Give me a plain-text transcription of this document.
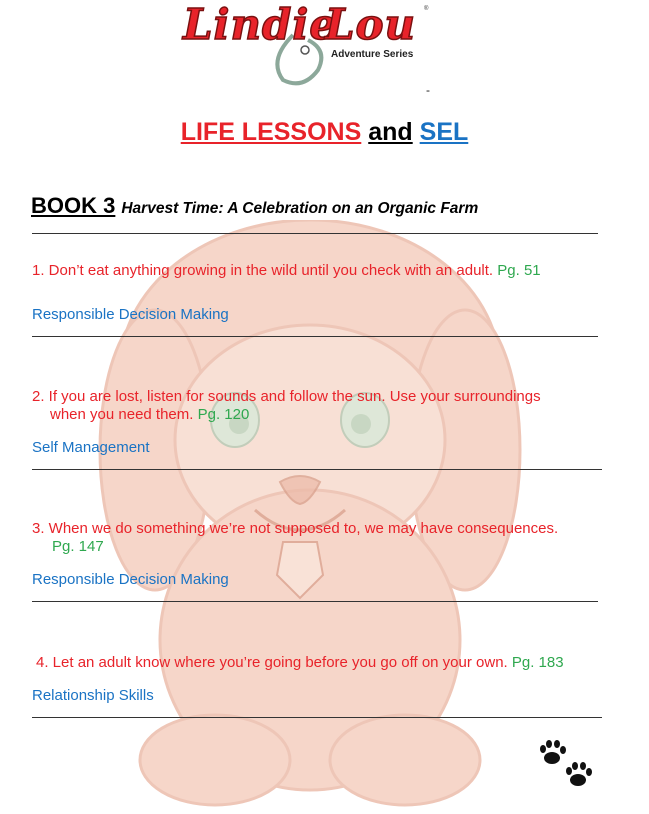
Lindie
Lou ®
Adventure Series
-
LIFE LESSONS and SEL
BOOK 3 Harvest Time: A Celebration on an Organic Farm
1. Don’t eat anything growing in the wild until you check with an adult. Pg. 51
Responsible Decision Making
2. If you are lost, listen for sounds and follow the sun. Use your surroundings
when you need them. Pg. 120
Self Management
3. When we do something we’re not supposed to, we may have consequences.
Pg. 147
Responsible Decision Making
4. Let an adult know where you’re going before you go off on your own. Pg. 183
Relationship Skills
